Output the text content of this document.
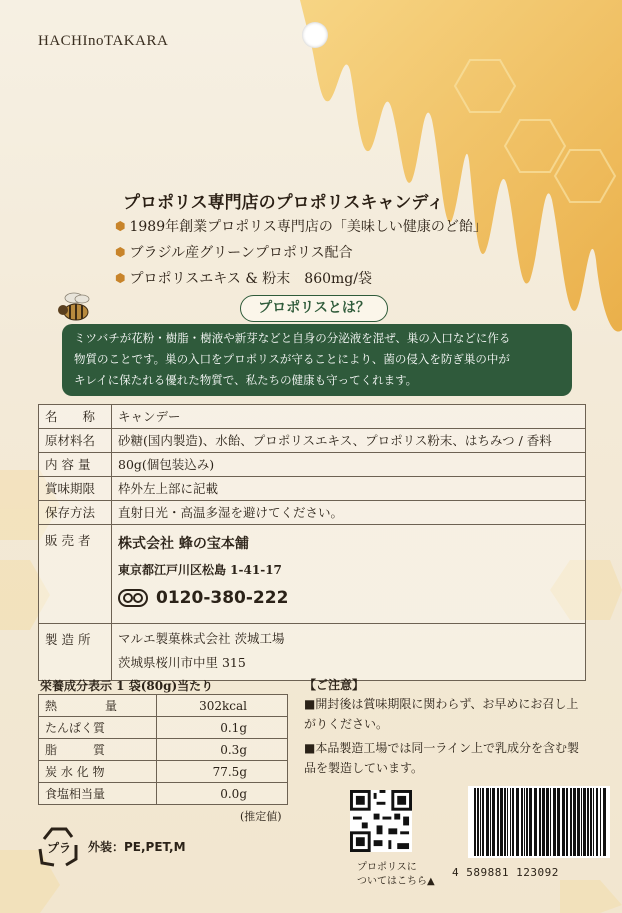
HACHInoTAKARA
プロポリス専門店のプロポリスキャンディ
⬢ 1989年創業プロポリス専門店の「美味しい健康のど飴」
⬢ ブラジル産グリーンプロポリス配合
⬢ プロポリスエキス & 粉末　860mg/袋
プロポリスとは？
ミツバチが花粉・樹脂・樹液や新芽などと自身の分泌液を混ぜ、巣の入口などに作る
物質のことです。巣の入口をプロポリスが守ることにより、菌の侵入を防ぎ巣の中が
キレイに保たれる優れた物質で、私たちの健康も守ってくれます。
名　　称	キャンデー
原材料名	砂糖(国内製造)、水飴、プロポリスエキス、プロポリス粉末、はちみつ / 香料
内 容 量	80g(個包装込み)
賞味期限	枠外左上部に記載
保存方法	直射日光・高温多湿を避けてください。
販 売 者	株式会社 蜂の宝本舗
東京都江戸川区松島 1-41-17
0120-380-222

製 造 所	マルエ製菓株式会社 茨城工場
茨城県桜川市中里 315
栄養成分表示 1 袋(80g)当たり
熱　　　　量	302kcal
たんぱく質	0.1g
脂　　　質	0.3g
炭 水 化 物	77.5g
食塩相当量	0.0g
(推定値)
【ご注意】
■開封後は賞味期限に関わらず、お早めにお召し上がりください。
■本品製造工場では同一ライン上で乳成分を含む製品を製造しています。
プロポリスに
ついてはこちら▲
4 589881 123092
プラ 外装：PE,PET,M
